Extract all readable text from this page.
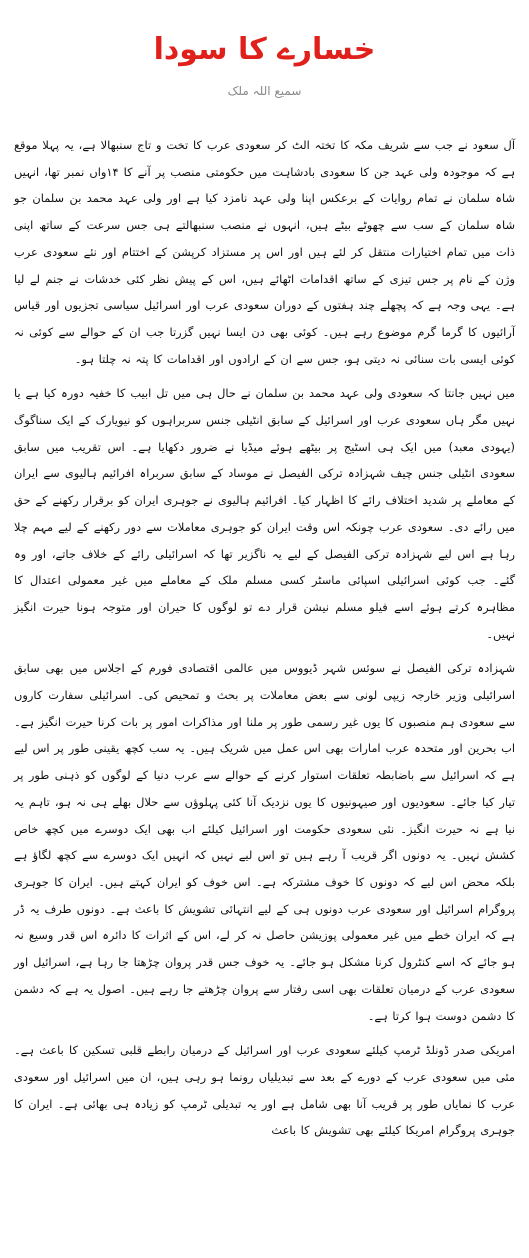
خسارے کا سودا
سمیع اللہ ملک

آل سعود نے جب سے شریف مکہ کا تختہ الٹ کر سعودی عرب کا تخت و تاج سنبھالا ہے، یہ پہلا موقع ہے کہ موجودہ ولی عہد جن کا سعودی بادشاہت میں حکومتی منصب پر آنے کا ۱۴واں نمبر تھا، انہیں شاہ سلمان نے تمام روایات کے برعکس اپنا ولی عہد نامزد کیا ہے اور ولی عہد محمد بن سلمان جو شاہ سلمان کے سب سے چھوٹے بیٹے ہیں، انہوں نے منصب سنبھالتے ہی جس سرعت کے ساتھ اپنی ذات میں تمام اختیارات منتقل کر لئے ہیں اور اس پر مستزاد کرپشن کے اختتام اور نئے سعودی عرب وژن کے نام پر جس تیزی کے ساتھ اقدامات اٹھائے ہیں، اس کے پیش نظر کئی خدشات نے جنم لے لیا ہے۔ یہی وجہ ہے کہ پچھلے چند ہفتوں کے دوران سعودی عرب اور اسرائیل سیاسی تجزیوں اور قیاس آرائیوں کا گرما گرم موضوع رہے ہیں۔ کوئی بھی دن ایسا نہیں گزرتا جب ان کے حوالے سے کوئی نہ کوئی ایسی بات سنائی نہ دیتی ہو، جس سے ان کے ارادوں اور اقدامات کا پتہ نہ چلتا ہو۔

میں نہیں جانتا کہ سعودی ولی عہد محمد بن سلمان نے حال ہی میں تل ابیب کا خفیہ دورہ کیا ہے یا نہیں مگر ہاں سعودی عرب اور اسرائیل کے سابق انٹیلی جنس سربراہوں کو نیویارک کے ایک سناگوگ (یہودی معبد) میں ایک ہی اسٹیج پر بیٹھے ہوئے میڈیا نے ضرور دکھایا ہے۔ اس تقریب میں سابق سعودی انٹیلی جنس چیف شہزادہ ترکی الفیصل نے موساد کے سابق سربراہ افرائیم ہالیوی سے ایران کے معاملے پر شدید اختلاف رائے کا اظہار کیا۔ افرائیم ہالیوی نے جوہری ایران کو برقرار رکھنے کے حق میں رائے دی۔ سعودی عرب چونکہ اس وقت ایران کو جوہری معاملات سے دور رکھنے کے لیے مہم چلا رہا ہے اس لیے شہزادہ ترکی الفیصل کے لیے یہ ناگزیر تھا کہ اسرائیلی رائے کے خلاف جاتے، اور وہ گئے۔ جب کوئی اسرائیلی اسپائی ماسٹر کسی مسلم ملک کے معاملے میں غیر معمولی اعتدال کا مظاہرہ کرتے ہوئے اسے فیلو مسلم نیشن قرار دے تو لوگوں کا حیران اور متوجہ ہونا حیرت انگیز نہیں۔

شہزادہ ترکی الفیصل نے سوئس شہر ڈیووس میں عالمی اقتصادی فورم کے اجلاس میں بھی سابق اسرائیلی وزیر خارجہ زیپی لونی سے بعض معاملات پر بحث و تمحیص کی۔ اسرائیلی سفارت کاروں سے سعودی ہم منصبوں کا یوں غیر رسمی طور پر ملنا اور مذاکرات امور پر بات کرنا حیرت انگیز ہے۔ اب بحرین اور متحدہ عرب امارات بھی اس عمل میں شریک ہیں۔ یہ سب کچھ یقینی طور پر اس لیے ہے کہ اسرائیل سے باضابطہ تعلقات استوار کرنے کے حوالے سے عرب دنیا کے لوگوں کو ذہنی طور پر تیار کیا جائے۔ سعودیوں اور صیہونیوں کا یوں نزدیک آنا کئی پہلوؤں سے حلال بھلے ہی نہ ہو، تاہم یہ نیا ہے نہ حیرت انگیز۔ نئی سعودی حکومت اور اسرائیل کیلئے اب بھی ایک دوسرے میں کچھ خاص کشش نہیں۔ یہ دونوں اگر قریب آ رہے ہیں تو اس لیے نہیں کہ انہیں ایک دوسرے سے کچھ لگاؤ ہے بلکہ محض اس لیے کہ دونوں کا خوف مشترکہ ہے۔ اس خوف کو ایران کہتے ہیں۔ ایران کا جوہری پروگرام اسرائیل اور سعودی عرب دونوں ہی کے لیے انتہائی تشویش کا باعث ہے۔ دونوں طرف یہ ڈر ہے کہ ایران خطے میں غیر معمولی پوزیشن حاصل نہ کر لے، اس کے اثرات کا دائرہ اس قدر وسیع نہ ہو جائے کہ اسے کنٹرول کرنا مشکل ہو جائے۔ یہ خوف جس قدر پروان چڑھتا جا رہا ہے، اسرائیل اور سعودی عرب کے درمیان تعلقات بھی اسی رفتار سے پروان چڑھتے جا رہے ہیں۔ اصول یہ ہے کہ دشمن کا دشمن دوست ہوا کرتا ہے۔

امریکی صدر ڈونلڈ ٹرمپ کیلئے سعودی عرب اور اسرائیل کے درمیان رابطے قلبی تسکین کا باعث ہے۔ مئی میں سعودی عرب کے دورے کے بعد سے تبدیلیاں رونما ہو رہی ہیں، ان میں اسرائیل اور سعودی عرب کا نمایاں طور پر قریب آنا بھی شامل ہے اور یہ تبدیلی ٹرمپ کو زیادہ ہی بھائی ہے۔ ایران کا جوہری پروگرام امریکا کیلئے بھی تشویش کا باعث
